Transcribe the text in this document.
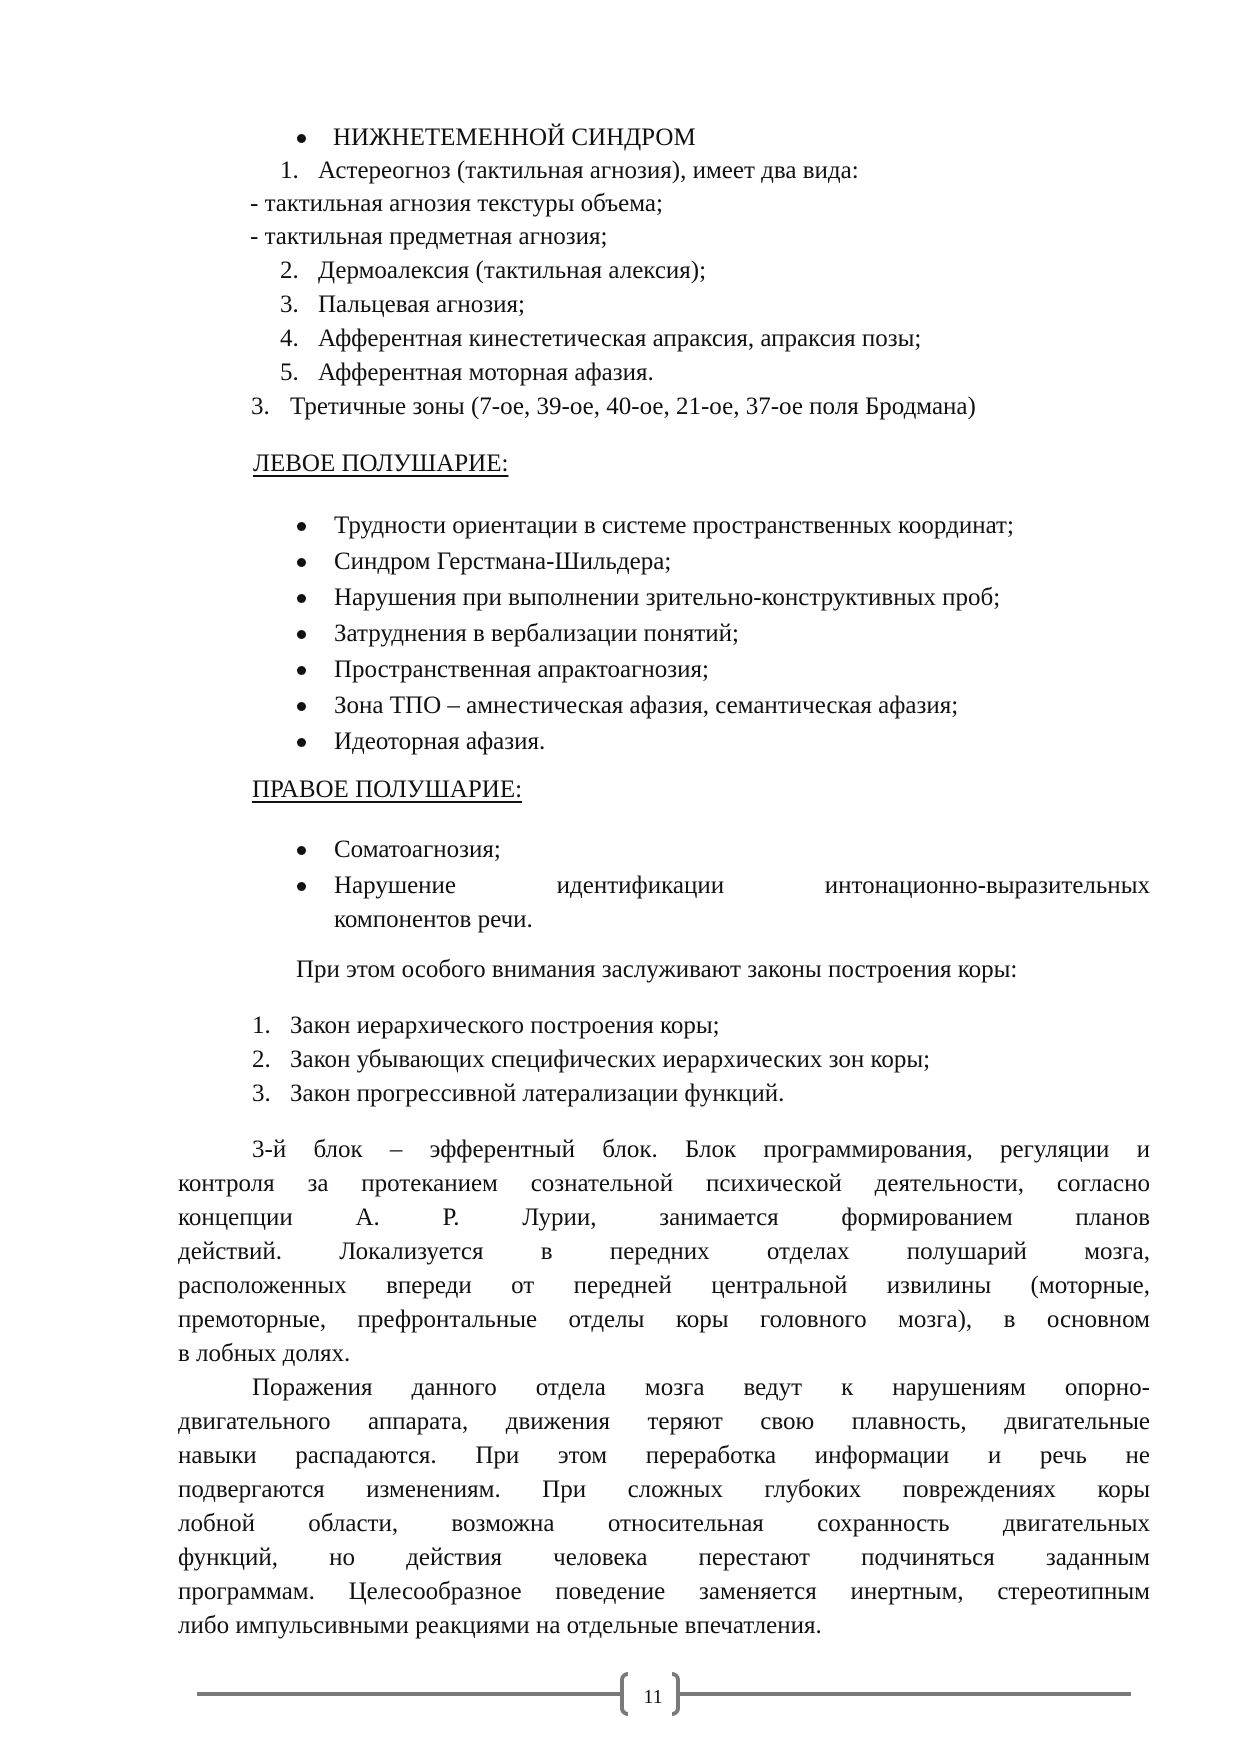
НИЖНЕТЕМЕННОЙ СИНДРОМ
1. Астереогноз (тактильная агнозия), имеет два вида:
- тактильная агнозия текстуры объема;
- тактильная предметная агнозия;
2. Дермоалексия (тактильная алексия);
3. Пальцевая агнозия;
4. Афферентная кинестетическая апраксия, апраксия позы;
5. Афферентная моторная афазия.
3. Третичные зоны (7-ое, 39-ое, 40-ое, 21-ое, 37-ое поля Бродмана)
ЛЕВОЕ ПОЛУШАРИЕ:
Трудности ориентации в системе пространственных координат;
Синдром Герстмана-Шильдера;
Нарушения при выполнении зрительно-конструктивных проб;
Затруднения в вербализации понятий;
Пространственная апрактоагнозия;
Зона ТПО – амнестическая афазия, семантическая афазия;
Идеоторная афазия.
ПРАВОЕ ПОЛУШАРИЕ:
Соматоагнозия;
Нарушение идентификации интонационно-выразительных
компонентов речи.
При этом особого внимания заслуживают законы построения коры:
1. Закон иерархического построения коры;
2. Закон убывающих специфических иерархических зон коры;
3. Закон прогрессивной латерализации функций.
3-й блок – эфферентный блок. Блок программирования, регуляции и
контроля за протеканием сознательной психической деятельности, согласно
концепции А. Р. Лурии, занимается формированием планов
действий. Локализуется в передних отделах полушарий мозга,
расположенных впереди от передней центральной извилины (моторные,
премоторные, префронтальные отделы коры головного мозга), в основном
в лобных долях.
Поражения данного отдела мозга ведут к нарушениям опорно-
двигательного аппарата, движения теряют свою плавность, двигательные
навыки распадаются. При этом переработка информации и речь не
подвергаются изменениям. При сложных глубоких повреждениях коры
лобной области, возможна относительная сохранность двигательных
функций, но действия человека перестают подчиняться заданным
программам. Целесообразное поведение заменяется инертным, стереотипным
либо импульсивными реакциями на отдельные впечатления.
11
